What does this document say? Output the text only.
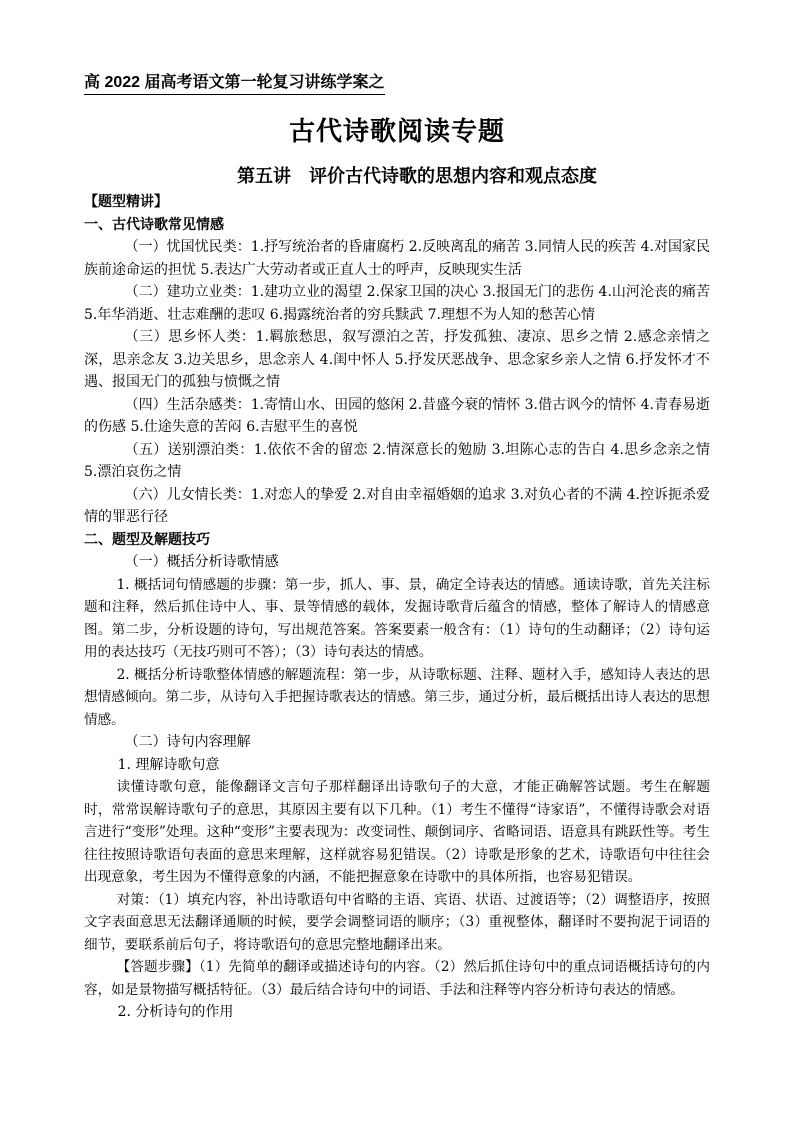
高 2022 届高考语文第一轮复习讲练学案之
古代诗歌阅读专题
第五讲　评价古代诗歌的思想内容和观点态度
【题型精讲】
一、古代诗歌常见情感

（一）忧国忧民类：1.抒写统治者的昏庸腐朽 2.反映离乱的痛苦 3.同情人民的疾苦 4.对国家民族前途命运的担忧 5.表达广大劳动者或正直人士的呼声，反映现实生活

（二）建功立业类：1.建功立业的渴望 2.保家卫国的决心 3.报国无门的悲伤 4.山河沦丧的痛苦 5.年华消逝、壮志难酬的悲叹 6.揭露统治者的穷兵黩武 7.理想不为人知的愁苦心情

（三）思乡怀人类：1.羁旅愁思，叙写漂泊之苦，抒发孤独、凄凉、思乡之情 2.感念亲情之深，思亲念友 3.边关思乡，思念亲人 4.闺中怀人 5.抒发厌恶战争、思念家乡亲人之情 6.抒发怀才不遇、报国无门的孤独与愤慨之情

（四）生活杂感类：1.寄情山水、田园的悠闲 2.昔盛今衰的情怀 3.借古讽今的情怀 4.青春易逝的伤感 5.仕途失意的苦闷 6.吉慰平生的喜悦

（五）送别漂泊类：1.依依不舍的留恋 2.情深意长的勉励 3.坦陈心志的告白 4.思乡念亲之情 5.漂泊哀伤之情

（六）儿女情长类：1.对恋人的挚爱 2.对自由幸福婚姻的追求 3.对负心者的不满 4.控诉扼杀爱情的罪恶行径

二、题型及解题技巧

（一）概括分析诗歌情感

1. 概括词句情感题的步骤：第一步，抓人、事、景，确定全诗表达的情感。通读诗歌，首先关注标题和注释，然后抓住诗中人、事、景等情感的载体，发掘诗歌背后蕴含的情感，整体了解诗人的情感意图。第二步，分析设题的诗句，写出规范答案。答案要素一般含有：（1）诗句的生动翻译；（2）诗句运用的表达技巧（无技巧则可不答）；（3）诗句表达的情感。

2. 概括分析诗歌整体情感的解题流程：第一步，从诗歌标题、注释、题材入手，感知诗人表达的思想情感倾向。第二步，从诗句入手把握诗歌表达的情感。第三步，通过分析，最后概括出诗人表达的思想情感。

（二）诗句内容理解

1. 理解诗歌句意

读懂诗歌句意，能像翻译文言句子那样翻译出诗歌句子的大意，才能正确解答试题。考生在解题时，常常误解诗歌句子的意思，其原因主要有以下几种。（1）考生不懂得“诗家语”，不懂得诗歌会对语言进行“变形”处理。这种“变形”主要表现为：改变词性、颠倒词序、省略词语、语意具有跳跃性等。考生往往按照诗歌语句表面的意思来理解，这样就容易犯错误。（2）诗歌是形象的艺术，诗歌语句中往往会出现意象，考生因为不懂得意象的内涵，不能把握意象在诗歌中的具体所指，也容易犯错误。

对策：（1）填充内容，补出诗歌语句中省略的主语、宾语、状语、过渡语等；（2）调整语序，按照文字表面意思无法翻译通顺的时候，要学会调整词语的顺序；（3）重视整体，翻译时不要拘泥于词语的细节，要联系前后句子，将诗歌语句的意思完整地翻译出来。

【答题步骤】（1）先简单的翻译或描述诗句的内容。（2）然后抓住诗句中的重点词语概括诗句的内容，如是景物描写概括特征。（3）最后结合诗句中的词语、手法和注释等内容分析诗句表达的情感。

2. 分析诗句的作用
